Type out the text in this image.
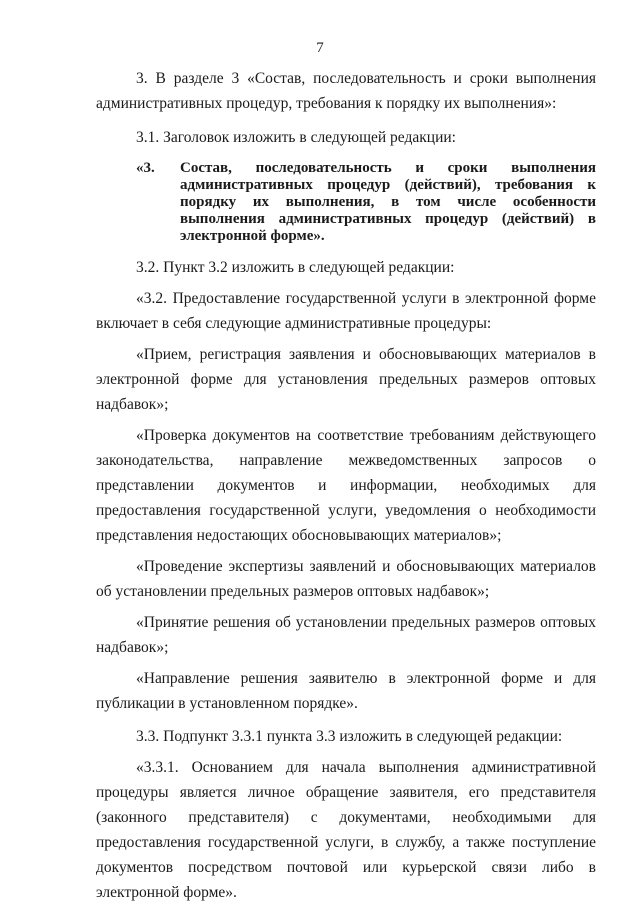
7

3. В разделе 3 «Состав, последовательность и сроки выполнения административных процедур, требования к порядку их выполнения»:

3.1. Заголовок изложить в следующей редакции:

«3.	Состав, последовательность и сроки выполнения административных процедур (действий), требования к порядку их выполнения, в том числе особенности выполнения административных процедур (действий) в электронной форме».

3.2. Пункт 3.2 изложить в следующей редакции:

«3.2. Предоставление государственной услуги в электронной форме включает в себя следующие административные процедуры:

«Прием, регистрация заявления и обосновывающих материалов в электронной форме для установления предельных размеров оптовых надбавок»;

«Проверка документов на соответствие требованиям действующего законодательства, направление межведомственных запросов о представлении документов и информации, необходимых для предоставления государственной услуги, уведомления о необходимости представления недостающих обосновывающих материалов»;

«Проведение экспертизы заявлений и обосновывающих материалов об установлении предельных размеров оптовых надбавок»;

«Принятие решения об установлении предельных размеров оптовых надбавок»;

«Направление решения заявителю в электронной форме и для публикации в установленном порядке».

3.3. Подпункт 3.3.1 пункта 3.3 изложить в следующей редакции:

«3.3.1. Основанием для начала выполнения административной процедуры является личное обращение заявителя, его представителя (законного представителя) с документами, необходимыми для предоставления государственной услуги, в службу, а также поступление документов посредством почтовой или курьерской связи либо в электронной форме».
